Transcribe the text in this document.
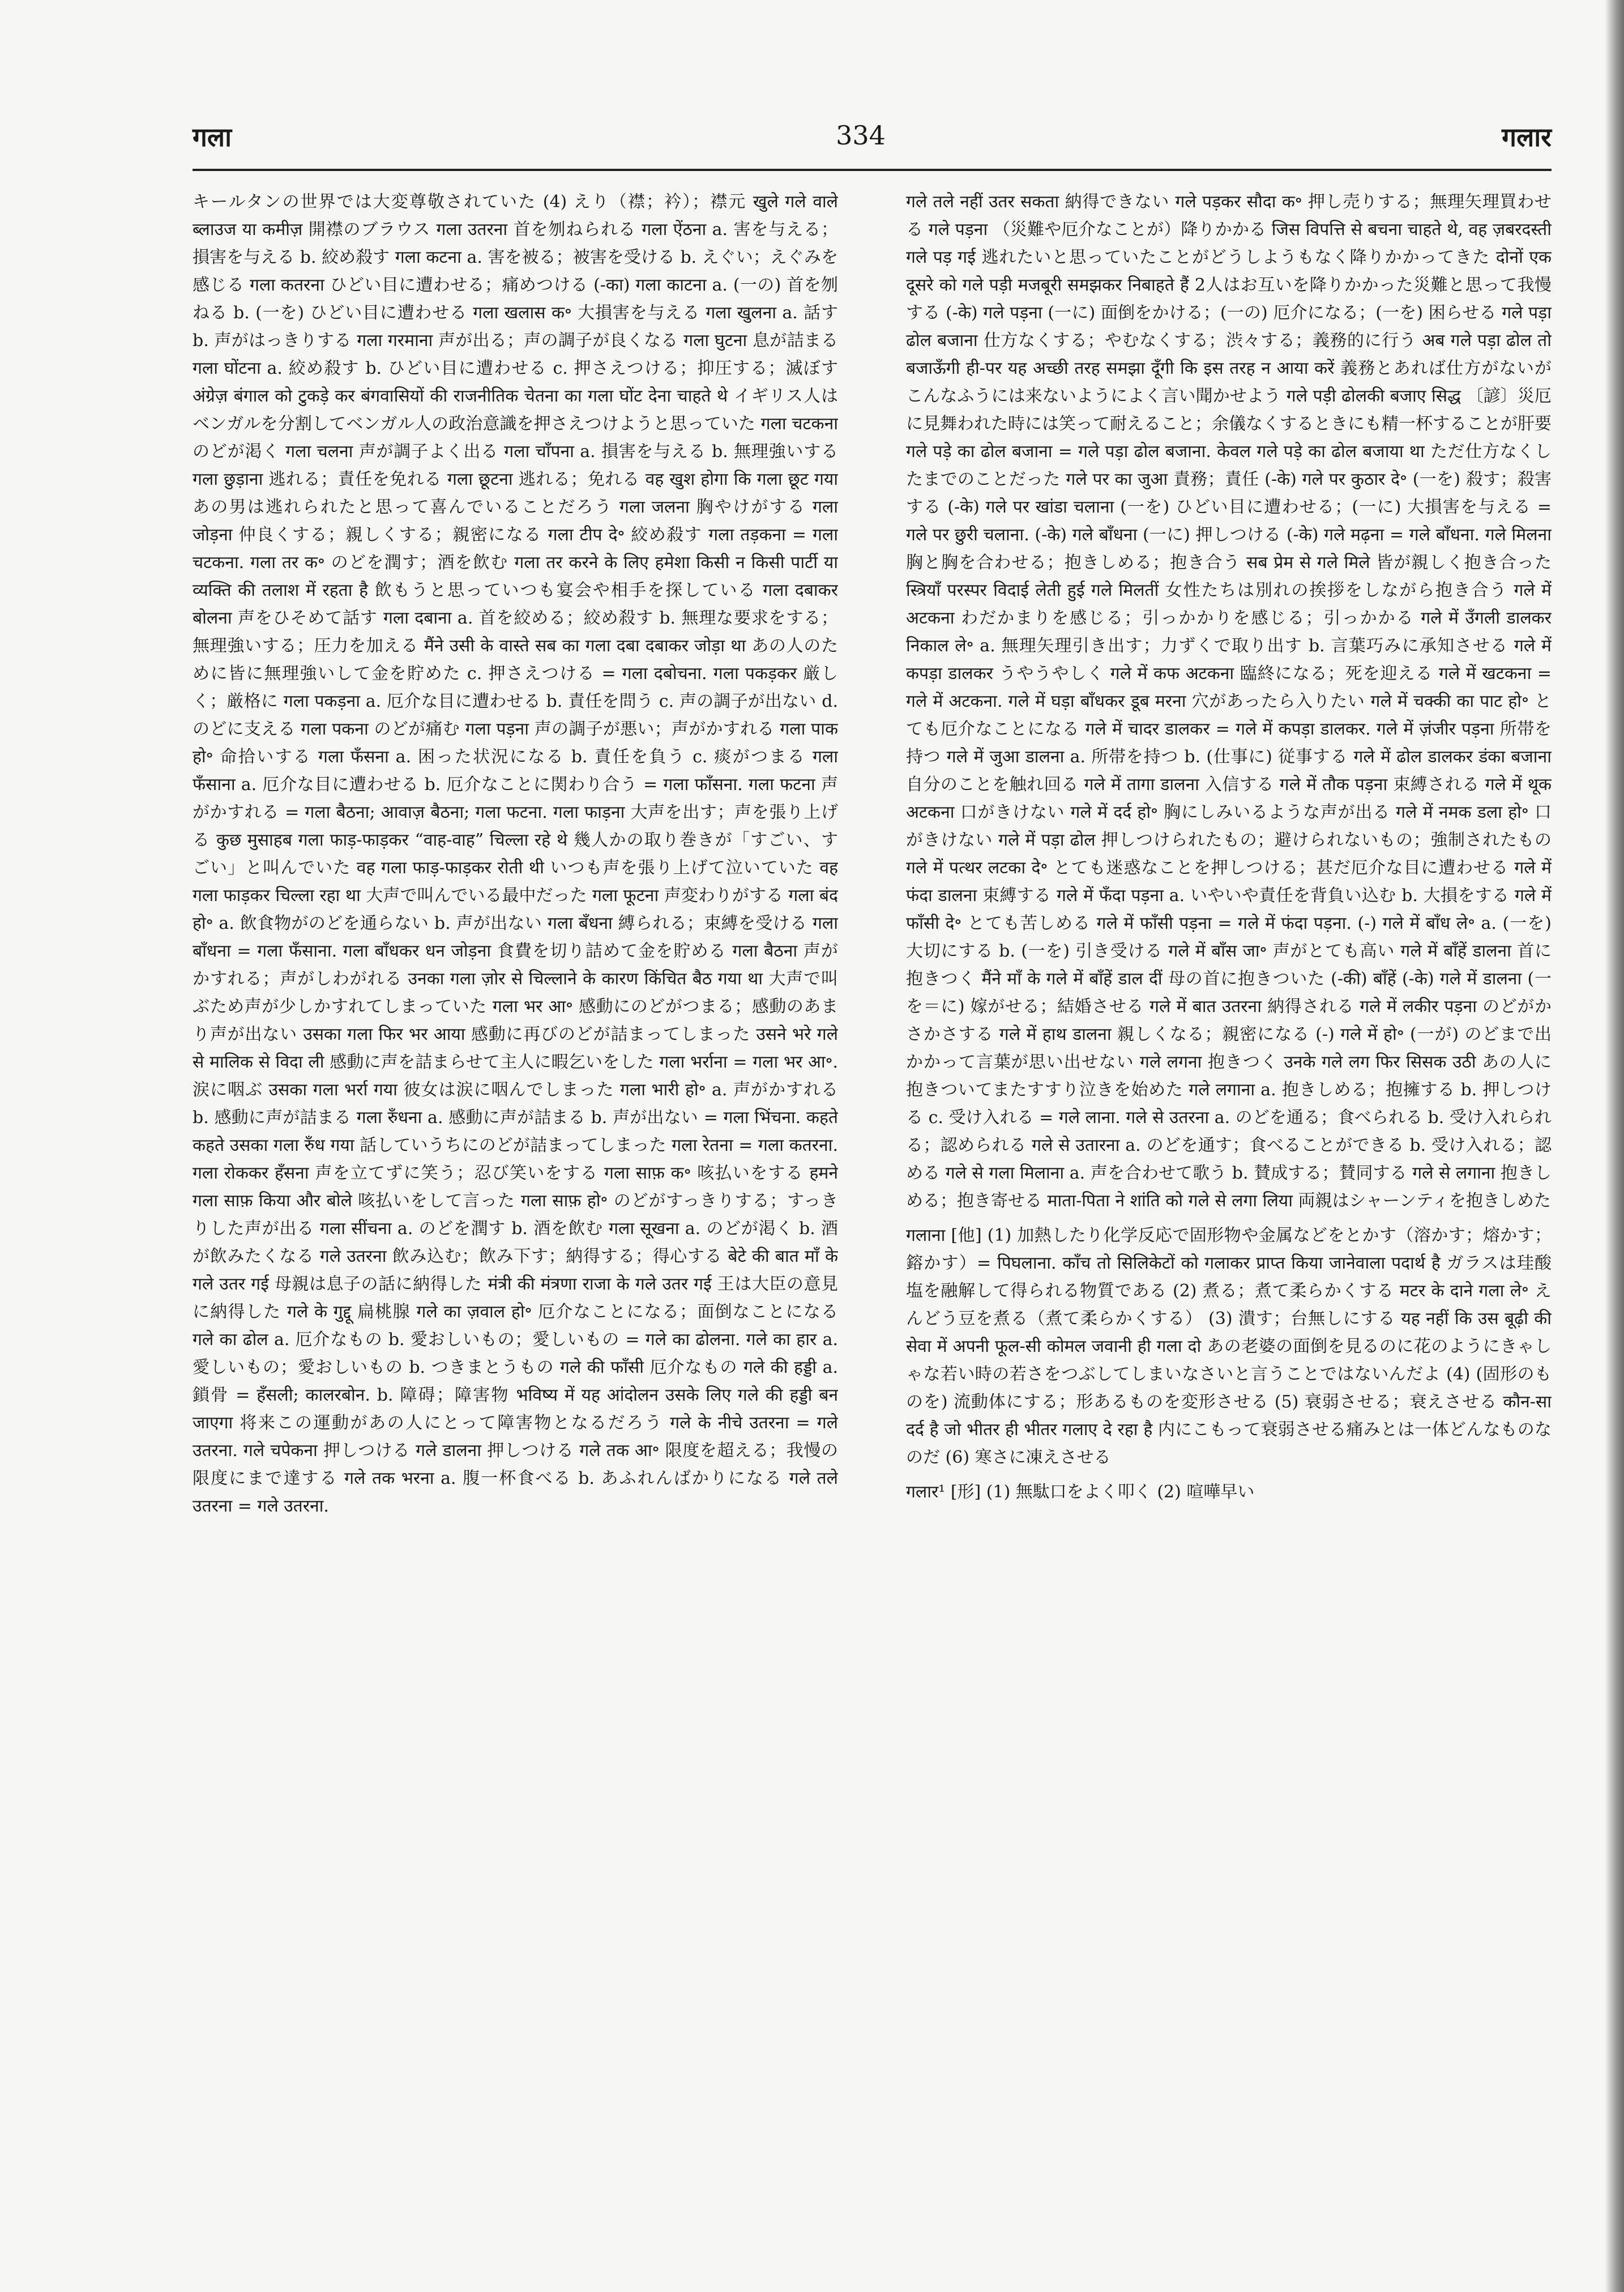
गला	334	गलार

キールタンの世界では大変尊敬されていた (4) えり（襟；衿）；襟元 खुले गले वाले ब्लाउज या कमीज़ 開襟のブラウス गला उतरना 首を刎ねられる गला ऐंठना a. 害を与える；損害を与える b. 絞め殺す गला कटना a. 害を被る；被害を受ける b. えぐい；えぐみを感じる गला कतरना ひどい目に遭わせる；痛めつける (-का) गला काटना a. (一の) 首を刎ねる b. (一を) ひどい目に遭わせる गला खलास क॰ 大損害を与える गला खुलना a. 話す b. 声がはっきりする गला गरमाना 声が出る；声の調子が良くなる गला घुटना 息が詰まる गला घोंटना a. 絞め殺す b. ひどい目に遭わせる c. 押さえつける；抑圧する；滅ぼす अंग्रेज़ बंगाल को टुकड़े कर बंगवासियों की राजनीतिक चेतना का गला घोंट देना चाहते थे イギリス人はベンガルを分割してベンガル人の政治意識を押さえつけようと思っていた गला चटकना のどが渇く गला चलना 声が調子よく出る गला चाँपना a. 損害を与える b. 無理強いする गला छुड़ाना 逃れる；責任を免れる गला छूटना 逃れる；免れる वह खुश होगा कि गला छूट गया あの男は逃れられたと思って喜んでいることだろう गला जलना 胸やけがする गला जोड़ना 仲良くする；親しくする；親密になる गला टीप दे॰ 絞め殺す गला तड़कना = गला चटकना. गला तर क॰ のどを潤す；酒を飲む गला तर करने के लिए हमेशा किसी न किसी पार्टी या व्यक्ति की तलाश में रहता है 飲もうと思っていつも宴会や相手を探している गला दबाकर बोलना 声をひそめて話す गला दबाना a. 首を絞める；絞め殺す b. 無理な要求をする；無理強いする；圧力を加える मैंने उसी के वास्ते सब का गला दबा दबाकर जोड़ा था あの人のために皆に無理強いして金を貯めた c. 押さえつける = गला दबोचना. गला पकड़कर 厳しく；厳格に गला पकड़ना a. 厄介な目に遭わせる b. 責任を問う c. 声の調子が出ない d. のどに支える गला पकना のどが痛む गला पड़ना 声の調子が悪い；声がかすれる गला पाक हो॰ 命拾いする गला फँसना a. 困った状況になる b. 責任を負う c. 痰がつまる गला फँसाना a. 厄介な目に遭わせる b. 厄介なことに関わり合う = गला फाँसना. गला फटना 声がかすれる = गला बैठना; आवाज़ बैठना; गला फटना. गला फाड़ना 大声を出す；声を張り上げる कुछ मुसाहब गला फाड़-फाड़कर “वाह-वाह” चिल्ला रहे थे 幾人かの取り巻きが「すごい、すごい」と叫んでいた वह गला फाड़-फाड़कर रोती थी いつも声を張り上げて泣いていた वह गला फाड़कर चिल्ला रहा था 大声で叫んでいる最中だった गला फूटना 声変わりがする गला बंद हो॰ a. 飲食物がのどを通らない b. 声が出ない गला बँधना 縛られる；束縛を受ける गला बाँधना = गला फँसाना. गला बाँधकर धन जोड़ना 食費を切り詰めて金を貯める गला बैठना 声がかすれる；声がしわがれる उनका गला ज़ोर से चिल्लाने के कारण किंचित बैठ गया था 大声で叫ぶため声が少しかすれてしまっていた गला भर आ॰ 感動にのどがつまる；感動のあまり声が出ない उसका गला फिर भर आया 感動に再びのどが詰まってしまった उसने भरे गले से मालिक से विदा ली 感動に声を詰まらせて主人に暇乞いをした गला भर्राना = गला भर आ॰. 涙に咽ぶ उसका गला भर्रा गया 彼女は涙に咽んでしまった गला भारी हो॰ a. 声がかすれる b. 感動に声が詰まる गला रुँधना a. 感動に声が詰まる b. 声が出ない = गला भिंचना. कहते कहते उसका गला रुँध गया 話していうちにのどが詰まってしまった गला रेतना = गला कतरना. गला रोककर हँसना 声を立てずに笑う；忍び笑いをする गला साफ़ क॰ 咳払いをする हमने गला साफ़ किया और बोले 咳払いをして言った गला साफ़ हो॰ のどがすっきりする；すっきりした声が出る गला सींचना a. のどを潤す b. 酒を飲む गला सूखना a. のどが渇く b. 酒が飲みたくなる गले उतरना 飲み込む；飲み下す；納得する；得心する बेटे की बात माँ के गले उतर गई 母親は息子の話に納得した मंत्री की मंत्रणा राजा के गले उतर गई 王は大臣の意見に納得した गले के गुद्दू 扁桃腺 गले का ज़वाल हो॰ 厄介なことになる；面倒なことになる गले का ढोल a. 厄介なもの b. 愛おしいもの；愛しいもの = गले का ढोलना. गले का हार a. 愛しいもの；愛おしいもの b. つきまとうもの गले की फाँसी 厄介なもの गले की हड्डी a. 鎖骨 = हँसली; कालरबोन. b. 障碍；障害物 भविष्य में यह आंदोलन उसके लिए गले की हड्डी बन जाएगा 将来この運動があの人にとって障害物となるだろう गले के नीचे उतरना = गले उतरना. गले चपेकना 押しつける गले डालना 押しつける गले तक आ॰ 限度を超える；我慢の限度にまで達する गले तक भरना a. 腹一杯食べる b. あふれんばかりになる गले तले उतरना = गले उतरना.

गले तले नहीं उतर सकता 納得できない गले पड़कर सौदा क॰ 押し売りする；無理矢理買わせる गले पड़ना （災難や厄介なことが）降りかかる जिस विपत्ति से बचना चाहते थे, वह ज़बरदस्ती गले पड़ गई 逃れたいと思っていたことがどうしようもなく降りかかってきた दोनों एक दूसरे को गले पड़ी मजबूरी समझकर निबाहते हैं 2人はお互いを降りかかった災難と思って我慢する (-के) गले पड़ना (一に) 面倒をかける；(一の) 厄介になる；(一を) 困らせる गले पड़ा ढोल बजाना 仕方なくする；やむなくする；渋々する；義務的に行う अब गले पड़ा ढोल तो बजाऊँगी ही-पर यह अच्छी तरह समझा दूँगी कि इस तरह न आया करें 義務とあれば仕方がないがこんなふうには来ないようによく言い聞かせよう गले पड़ी ढोलकी बजाए सिद्ध 〔諺〕災厄に見舞われた時には笑って耐えること；余儀なくするときにも精一杯することが肝要 गले पड़े का ढोल बजाना = गले पड़ा ढोल बजाना. केवल गले पड़े का ढोल बजाया था ただ仕方なくしたまでのことだった गले पर का जुआ 責務；責任 (-के) गले पर कुठार दे॰ (一を) 殺す；殺害する (-के) गले पर खांडा चलाना (一を) ひどい目に遭わせる；(一に) 大損害を与える = गले पर छुरी चलाना. (-के) गले बाँधना (一に) 押しつける (-के) गले मढ़ना = गले बाँधना. गले मिलना 胸と胸を合わせる；抱きしめる；抱き合う सब प्रेम से गले मिले 皆が親しく抱き合った स्त्रियाँ परस्पर विदाई लेती हुई गले मिलतीं 女性たちは別れの挨拶をしながら抱き合う गले में अटकना わだかまりを感じる；引っかかりを感じる；引っかかる गले में उँगली डालकर निकाल ले॰ a. 無理矢理引き出す；力ずくで取り出す b. 言葉巧みに承知させる गले में कपड़ा डालकर うやうやしく गले में कफ अटकना 臨終になる；死を迎える गले में खटकना = गले में अटकना. गले में घड़ा बाँधकर डूब मरना 穴があったら入りたい गले में चक्की का पाट हो॰ とても厄介なことになる गले में चादर डालकर = गले में कपड़ा डालकर. गले में ज़ंजीर पड़ना 所帯を持つ गले में जुआ डालना a. 所帯を持つ b. (仕事に) 従事する गले में ढोल डालकर डंका बजाना 自分のことを触れ回る गले में तागा डालना 入信する गले में तौक पड़ना 束縛される गले में थूक अटकना 口がきけない गले में दर्द हो॰ 胸にしみいるような声が出る गले में नमक डला हो॰ 口がきけない गले में पड़ा ढोल 押しつけられたもの；避けられないもの；強制されたもの गले में पत्थर लटका दे॰ とても迷惑なことを押しつける；甚だ厄介な目に遭わせる गले में फंदा डालना 束縛する गले में फँदा पड़ना a. いやいや責任を背負い込む b. 大損をする गले में फाँसी दे॰ とても苦しめる गले में फाँसी पड़ना = गले में फंदा पड़ना. (-) गले में बाँध ले॰ a. (一を) 大切にする b. (一を) 引き受ける गले में बाँस जा॰ 声がとても高い गले में बाँहें डालना 首に抱きつく मैंने माँ के गले में बाँहें डाल दीं 母の首に抱きついた (-की) बाँहें (-के) गले में डालना (一を＝に) 嫁がせる；結婚させる गले में बात उतरना 納得される गले में लकीर पड़ना のどがかさかさする गले में हाथ डालना 親しくなる；親密になる (-) गले में हो॰ (一が) のどまで出かかって言葉が思い出せない गले लगना 抱きつく उनके गले लग फिर सिसक उठी あの人に抱きついてまたすすり泣きを始めた गले लगाना a. 抱きしめる；抱擁する b. 押しつける c. 受け入れる = गले लाना. गले से उतरना a. のどを通る；食べられる b. 受け入れられる；認められる गले से उतारना a. のどを通す；食べることができる b. 受け入れる；認める गले से गला मिलाना a. 声を合わせて歌う b. 賛成する；賛同する गले से लगाना 抱きしめる；抱き寄せる माता-पिता ने शांति को गले से लगा लिया 両親はシャーンティを抱きしめた

गलाना [他] (1) 加熱したり化学反応で固形物や金属などをとかす（溶かす；熔かす；鎔かす）= पिघलाना. काँच तो सिलिकेटों को गलाकर प्राप्त किया जानेवाला पदार्थ है ガラスは珪酸塩を融解して得られる物質である (2) 煮る；煮て柔らかくする मटर के दाने गला ले॰ えんどう豆を煮る（煮て柔らかくする） (3) 潰す；台無しにする यह नहीं कि उस बूढ़ी की सेवा में अपनी फूल-सी कोमल जवानी ही गला दो あの老婆の面倒を見るのに花のようにきゃしゃな若い時の若さをつぶしてしまいなさいと言うことではないんだよ (4) (固形のものを) 流動体にする；形あるものを変形させる (5) 衰弱させる；衰えさせる कौन-सा दर्द है जो भीतर ही भीतर गलाए दे रहा है 内にこもって衰弱させる痛みとは一体どんなものなのだ (6) 寒さに凍えさせる

गलार¹ [形] (1) 無駄口をよく叩く (2) 喧嘩早い
